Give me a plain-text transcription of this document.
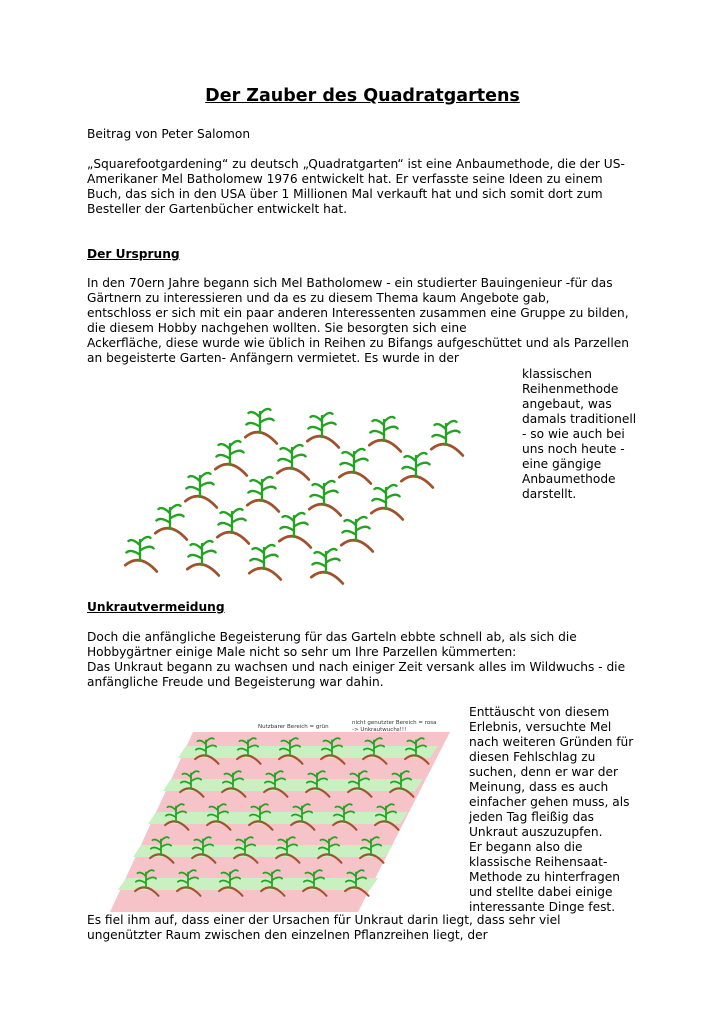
Der Zauber des Quadratgartens
Beitrag von Peter Salomon
„Squarefootgardening“ zu deutsch „Quadratgarten“ ist eine Anbaumethode, die der US-
Amerikaner Mel Batholomew 1976 entwickelt hat. Er verfasste seine Ideen zu einem
Buch, das sich in den USA über 1 Millionen Mal verkauft hat und sich somit dort zum
Besteller der Gartenbücher entwickelt hat.
Der Ursprung
In den 70ern Jahre begann sich Mel Batholomew - ein studierter Bauingenieur -für das
Gärtnern zu interessieren und da es zu diesem Thema kaum Angebote gab,
entschloss er sich mit ein paar anderen Interessenten zusammen eine Gruppe zu bilden,
die diesem Hobby nachgehen wollten. Sie besorgten sich eine
Ackerfläche, diese wurde wie üblich in Reihen zu Bifangs aufgeschüttet und als Parzellen
an begeisterte Garten- Anfängern vermietet. Es wurde in der
klassischen
Reihenmethode
angebaut, was
damals traditionell
- so wie auch bei
uns noch heute -
eine gängige
Anbaumethode
darstellt.
Unkrautvermeidung
Doch die anfängliche Begeisterung für das Garteln ebbte schnell ab, als sich die
Hobbygärtner einige Male nicht so sehr um Ihre Parzellen kümmerten:
Das Unkraut begann zu wachsen und nach einiger Zeit versank alles im Wildwuchs - die
anfängliche Freude und Begeisterung war dahin.
Enttäuscht von diesem
Erlebnis, versuchte Mel
nach weiteren Gründen für
diesen Fehlschlag zu
suchen, denn er war der
Meinung, dass es auch
einfacher gehen muss, als
jeden Tag fleißig das
Unkraut auszuzupfen.
Er begann also die
klassische Reihensaat-
Methode zu hinterfragen
und stellte dabei einige
interessante Dinge fest.
Nutzbarer Bereich = grün
nicht genutzter Bereich = rosa -> Unkrautwuchs!!!
Es fiel ihm auf, dass einer der Ursachen für Unkraut darin liegt, dass sehr viel
ungenützter Raum zwischen den einzelnen Pflanzreihen liegt, der
